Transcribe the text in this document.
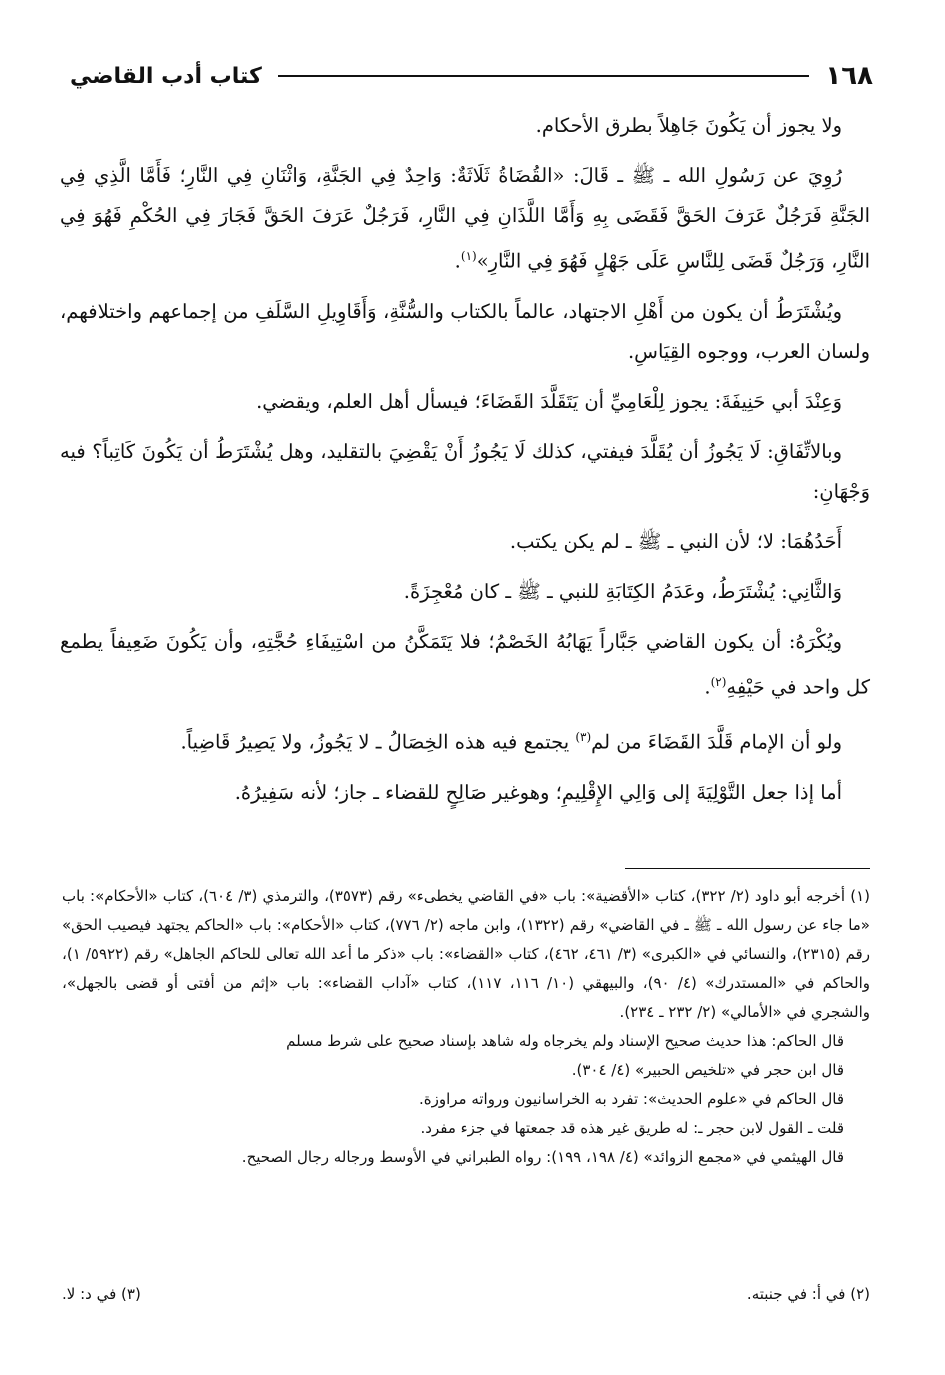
١٦٨
كتاب أدب القاضي

ولا يجوز أن يَكُونَ جَاهِلاً بطرق الأحكام.

رُوِيَ عن رَسُولِ الله ـ ﷺ ـ قَالَ: «القُضَاةُ ثَلَاثَةٌ: وَاحِدٌ فِي الجَنَّةِ، وَاثْنَانِ فِي النَّارِ؛ فَأَمَّا الَّذِي فِي الجَنَّةِ فَرَجُلٌ عَرَفَ الحَقَّ فَقَضَى بِهِ وَأَمَّا اللَّذَانِ فِي النَّارِ، فَرَجُلٌ عَرَفَ الحَقَّ فَجَارَ فِي الحُكْمِ فَهُوَ فِي النَّارِ، وَرَجُلٌ قَضَى لِلنَّاسِ عَلَى جَهْلٍ فَهُوَ فِي النَّارِ»$^{(١)}$.

ويُشْتَرَطُ أن يكون من أَهْلِ الاجتهاد، عالماً بالكتاب والسُّنَّةِ، وَأَقَاوِيلِ السَّلَفِ من إجماعهم واختلافهم، ولسان العرب، ووجوه القِيَاسِ.

وَعِنْدَ أبي حَنِيفَةَ: يجوز لِلْعَامِيِّ أن يَتَقَلَّدَ القَضَاءَ؛ فيسأل أهل العلم، ويقضي.

وبالاتِّفَاقِ: لَا يَجُوزُ أن يُقَلَّدَ فيفتي، كذلك لَا يَجُوزُ أَنْ يَقْضِيَ بالتقليد، وهل يُشْتَرَطُ أن يَكُونَ كَاتِباً؟ فيه وَجْهَانِ:

أَحَدُهُمَا: لا؛ لأن النبي ـ ﷺ ـ لم يكن يكتب.

وَالثَّانِي: يُشْتَرَطُ، وعَدَمُ الكِتَابَةِ للنبي ـ ﷺ ـ كان مُعْجِزَةً.

ويُكْرَهُ: أن يكون القاضي جَبَّاراً يَهَابُهُ الخَصْمُ؛ فلا يَتَمَكَّنُ من اسْتِيفَاءِ حُجَّتِهِ، وأن يَكُونَ ضَعِيفاً يطمع كل واحد في حَيْفِهِ$^{(٢)}$.

ولو أن الإمام قَلَّدَ القَضَاءَ من لم$^{(٣)}$ يجتمع فيه هذه الخِصَالُ ـ لا يَجُوزُ، ولا يَصِيرُ قَاضِياً.

أما إذا جعل التَّوْلِيَةَ إلى وَالِي الإِقْلِيمِ؛ وهوغير صَالِحٍ للقضاء ـ جاز؛ لأنه سَفِيرُهُ.

(١) أخرجه أبو داود (٢/ ٣٢٢)، كتاب «الأقضية»: باب «في القاضي يخطىء» رقم (٣٥٧٣)، والترمذي (٣/ ٦٠٤)، كتاب «الأحكام»: باب «ما جاء عن رسول الله ـ ﷺ ـ في القاضي» رقم (١٣٢٢)، وابن ماجه (٢/ ٧٧٦)، كتاب «الأحكام»: باب «الحاكم يجتهد فيصيب الحق» رقم (٢٣١٥)، والنسائي في «الكبرى» (٣/ ٤٦١، ٤٦٢)، كتاب «القضاء»: باب «ذكر ما أعد الله تعالى للحاكم الجاهل» رقم (٥٩٢٢/ ١)، والحاكم في «المستدرك» (٤/ ٩٠)، والبيهقي (١٠/ ١١٦، ١١٧)، كتاب «آداب القضاء»: باب «إثم من أفتى أو قضى بالجهل»، والشجري في «الأمالي» (٢/ ٢٣٢ ـ ٢٣٤).

قال الحاكم: هذا حديث صحيح الإسناد ولم يخرجاه وله شاهد بإسناد صحيح على شرط مسلم

قال ابن حجر في «تلخيص الحبير» (٤/ ٣٠٤).

قال الحاكم في «علوم الحديث»: تفرد به الخراسانيون ورواته مراوزة.

قلت ـ القول لابن حجر ـ: له طريق غير هذه قد جمعتها في جزء مفرد.

قال الهيثمي في «مجمع الزوائد» (٤/ ١٩٨، ١٩٩): رواه الطبراني في الأوسط ورجاله رجال الصحيح.

(٢) في أ: في جنبته.
(٣) في د: لا.
